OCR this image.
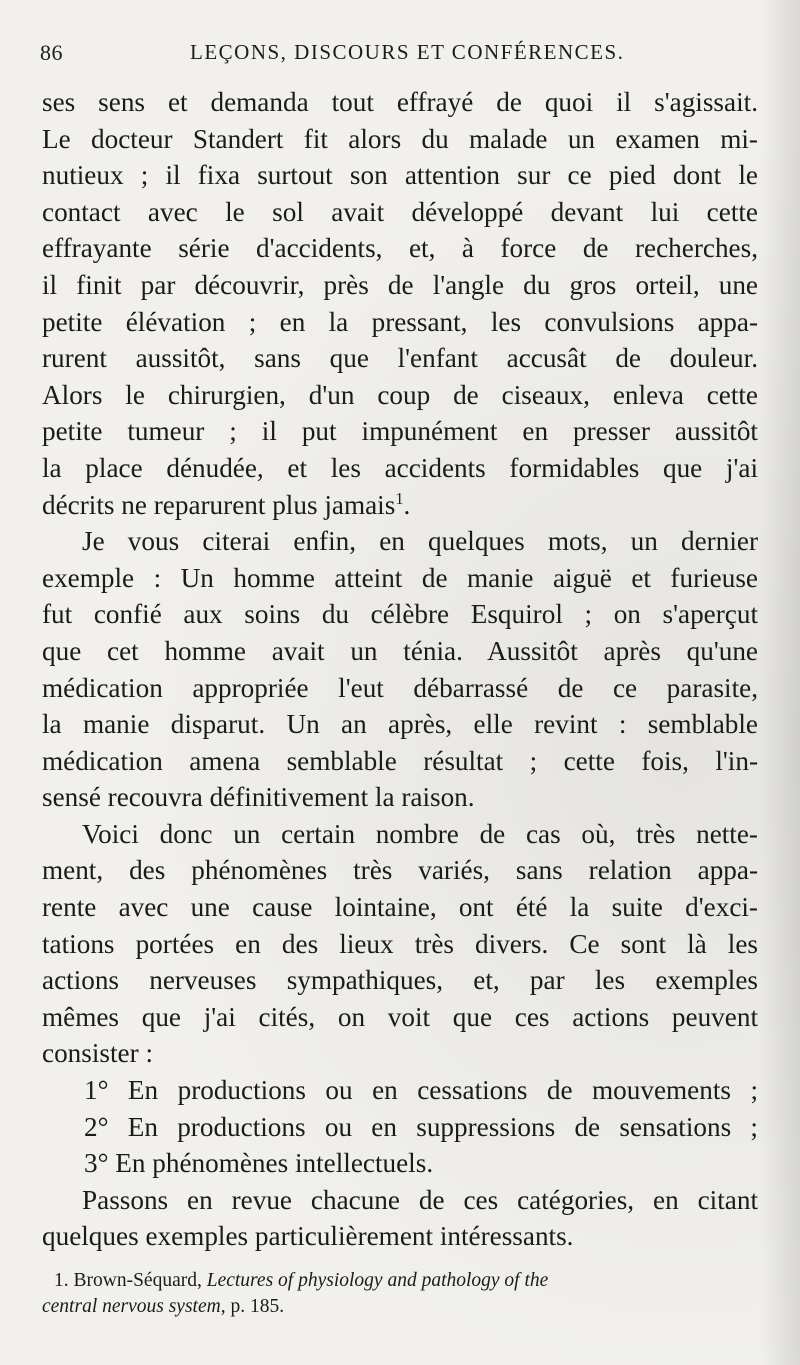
86	LEÇONS, DISCOURS ET CONFÉRENCES.
ses sens et demanda tout effrayé de quoi il s'agissait.
Le docteur Standert fit alors du malade un examen mi-
nutieux ; il fixa surtout son attention sur ce pied dont le
contact avec le sol avait développé devant lui cette
effrayante série d'accidents, et, à force de recherches,
il finit par découvrir, près de l'angle du gros orteil, une
petite élévation ; en la pressant, les convulsions appa-
rurent aussitôt, sans que l'enfant accusât de douleur.
Alors le chirurgien, d'un coup de ciseaux, enleva cette
petite tumeur ; il put impunément en presser aussitôt
la place dénudée, et les accidents formidables que j'ai
décrits ne reparurent plus jamais$^1$.
Je vous citerai enfin, en quelques mots, un dernier
exemple : Un homme atteint de manie aiguë et furieuse
fut confié aux soins du célèbre Esquirol ; on s'aperçut
que cet homme avait un ténia. Aussitôt après qu'une
médication appropriée l'eut débarrassé de ce parasite,
la manie disparut. Un an après, elle revint : semblable
médication amena semblable résultat ; cette fois, l'in-
sensé recouvra définitivement la raison.
Voici donc un certain nombre de cas où, très nette-
ment, des phénomènes très variés, sans relation appa-
rente avec une cause lointaine, ont été la suite d'exci-
tations portées en des lieux très divers. Ce sont là les
actions nerveuses sympathiques, et, par les exemples
mêmes que j'ai cités, on voit que ces actions peuvent
consister :
1° En productions ou en cessations de mouvements ;
2° En productions ou en suppressions de sensations ;
3° En phénomènes intellectuels.
Passons en revue chacune de ces catégories, en citant
quelques exemples particulièrement intéressants.
1. Brown-Séquard, Lectures of physiology and pathology of the
central nervous system, p. 185.
